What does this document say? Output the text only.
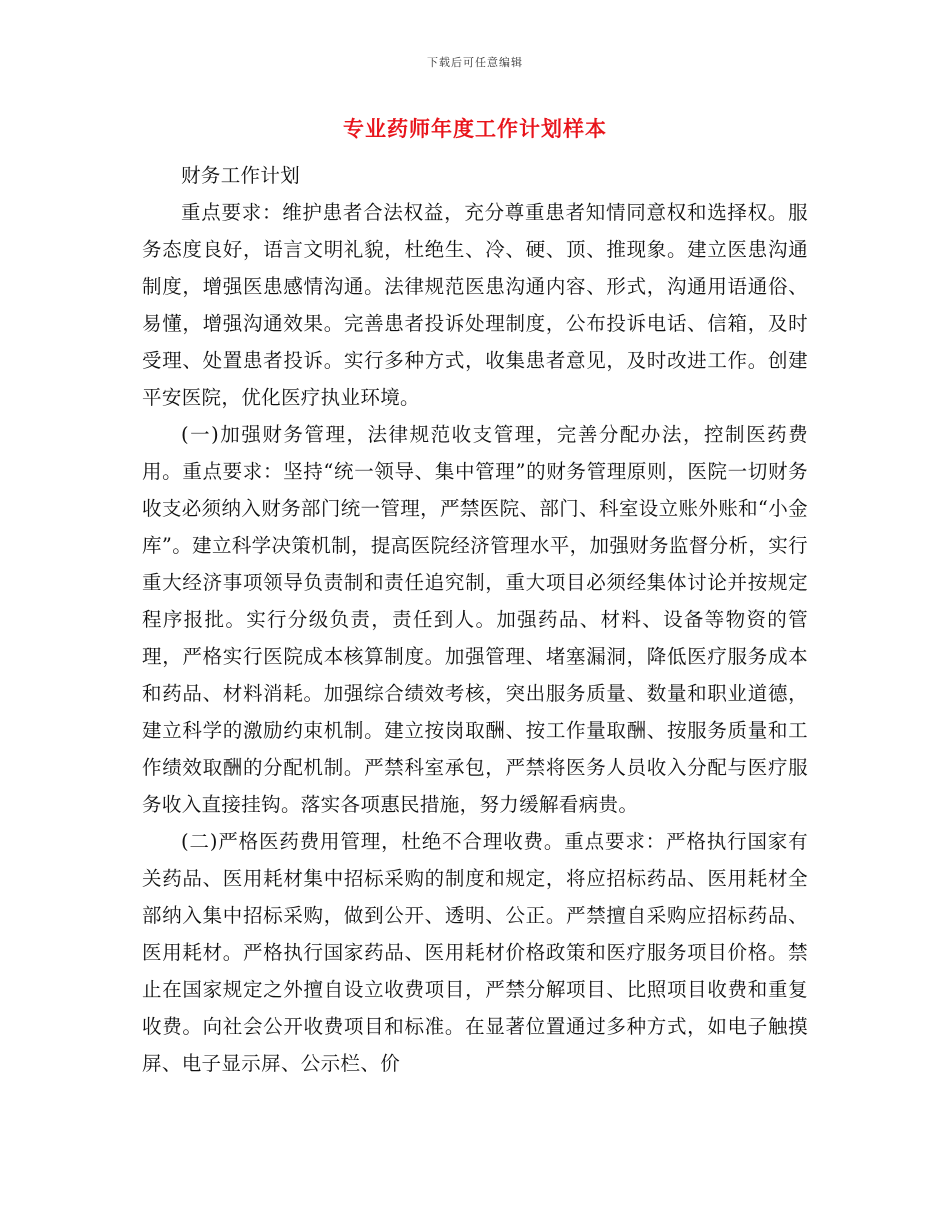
下载后可任意编辑
专业药师年度工作计划样本

财务工作计划

重点要求：维护患者合法权益，充分尊重患者知情同意权和选择权。服务态度良好，语言文明礼貌，杜绝生、冷、硬、顶、推现象。建立医患沟通制度，增强医患感情沟通。法律规范医患沟通内容、形式，沟通用语通俗、易懂，增强沟通效果。完善患者投诉处理制度，公布投诉电话、信箱，及时受理、处置患者投诉。实行多种方式，收集患者意见，及时改进工作。创建平安医院，优化医疗执业环境。

(一)加强财务管理，法律规范收支管理，完善分配办法，控制医药费用。重点要求：坚持“统一领导、集中管理”的财务管理原则，医院一切财务收支必须纳入财务部门统一管理，严禁医院、部门、科室设立账外账和“小金库”。建立科学决策机制，提高医院经济管理水平，加强财务监督分析，实行重大经济事项领导负责制和责任追究制，重大项目必须经集体讨论并按规定程序报批。实行分级负责，责任到人。加强药品、材料、设备等物资的管理，严格实行医院成本核算制度。加强管理、堵塞漏洞，降低医疗服务成本和药品、材料消耗。加强综合绩效考核，突出服务质量、数量和职业道德，建立科学的激励约束机制。建立按岗取酬、按工作量取酬、按服务质量和工作绩效取酬的分配机制。严禁科室承包，严禁将医务人员收入分配与医疗服务收入直接挂钩。落实各项惠民措施，努力缓解看病贵。

(二)严格医药费用管理，杜绝不合理收费。重点要求：严格执行国家有关药品、医用耗材集中招标采购的制度和规定，将应招标药品、医用耗材全部纳入集中招标采购，做到公开、透明、公正。严禁擅自采购应招标药品、医用耗材。严格执行国家药品、医用耗材价格政策和医疗服务项目价格。禁止在国家规定之外擅自设立收费项目，严禁分解项目、比照项目收费和重复收费。向社会公开收费项目和标准。在显著位置通过多种方式，如电子触摸屏、电子显示屏、公示栏、价
